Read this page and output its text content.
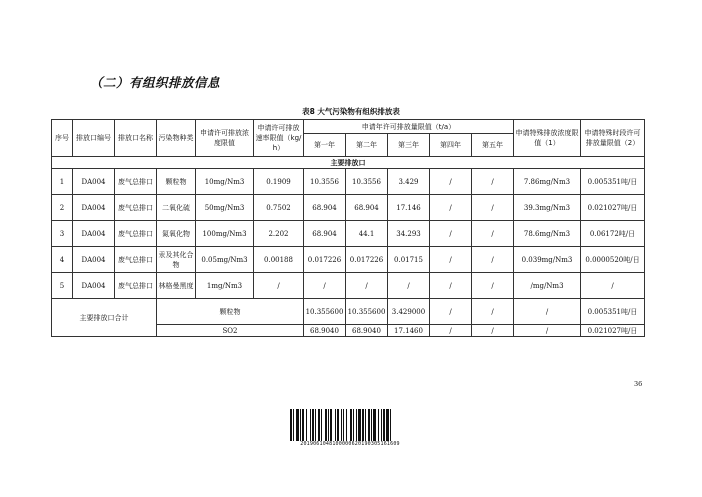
（二）有组织排放信息
表8 大气污染物有组织排放表
序号	排放口编号	排放口名称	污染物种类	申请许可排放浓度限值	申请许可排放速率限值（kg/h）	申请年许可排放量限值（t/a）					申请特殊排放浓度限值（1）	申请特殊时段许可排放量限值（2）
						第一年	第二年	第三年	第四年	第五年		
主要排放口												
1	DA004	废气总排口	颗粒物	10mg/Nm3	0.1909	10.3556	10.3556	3.429	/	/	7.86mg/Nm3	0.005351吨/日
2	DA004	废气总排口	二氧化硫	50mg/Nm3	0.7502	68.904	68.904	17.146	/	/	39.3mg/Nm3	0.021027吨/日
3	DA004	废气总排口	氮氧化物	100mg/Nm3	2.202	68.904	44.1	34.293	/	/	78.6mg/Nm3	0.06172吨/日
4	DA004	废气总排口	汞及其化合物	0.05mg/Nm3	0.00188	0.017226	0.017226	0.01715	/	/	0.039mg/Nm3	0.0000520吨/日
5	DA004	废气总排口	林格曼黑度	1mg/Nm3	/	/	/	/	/	/	/mg/Nm3	/
主要排放口合计			颗粒物			10.355600	10.355600	3.429000	/	/	/	0.005351吨/日
			SO2			68.9040	68.9040	17.1460	/	/	/	0.021027吨/日
36
20190610481000006201903051616​09
